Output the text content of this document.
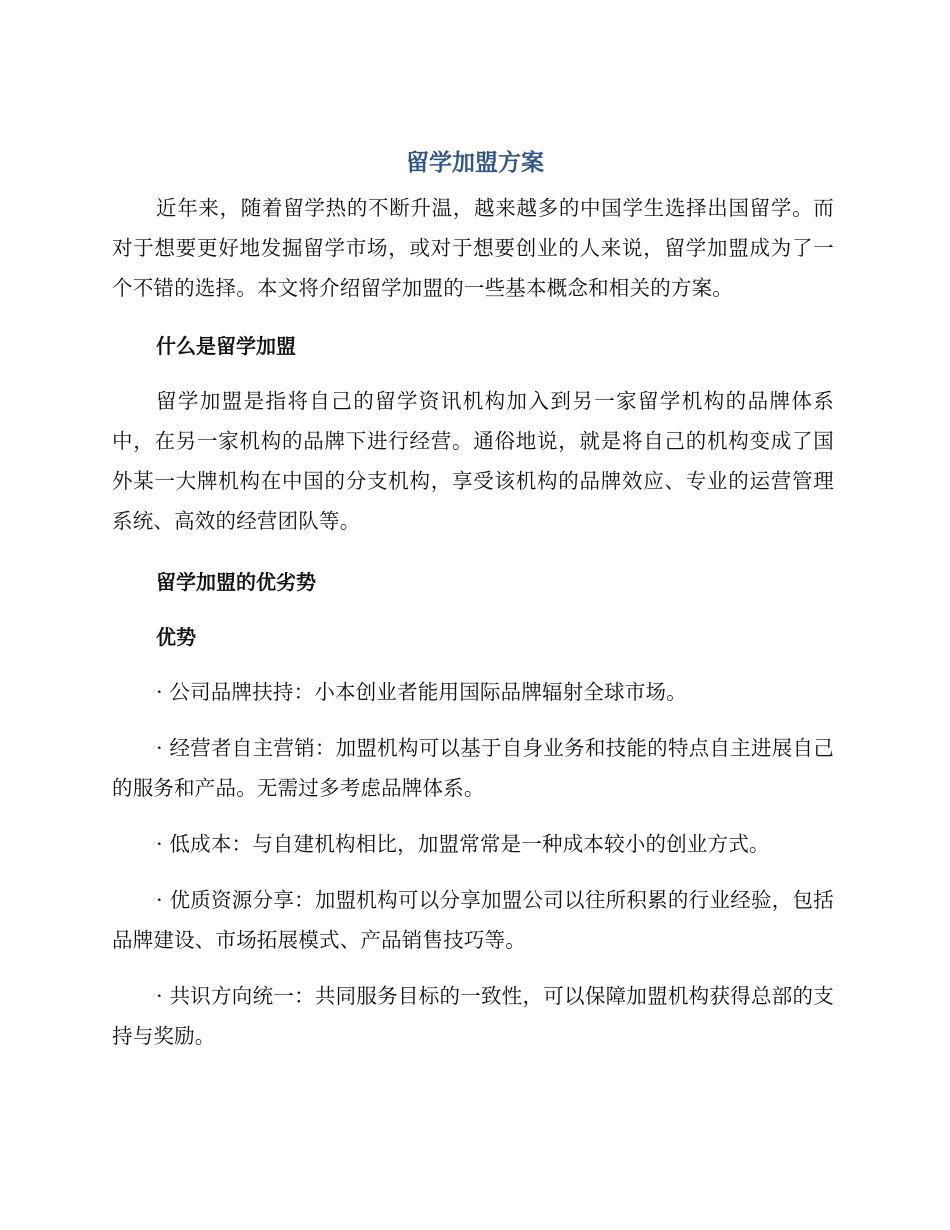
留学加盟方案

近年来，随着留学热的不断升温，越来越多的中国学生选择出国留学。而对于想要更好地发掘留学市场，或对于想要创业的人来说，留学加盟成为了一个不错的选择。本文将介绍留学加盟的一些基本概念和相关的方案。

什么是留学加盟

留学加盟是指将自己的留学资讯机构加入到另一家留学机构的品牌体系中，在另一家机构的品牌下进行经营。通俗地说，就是将自己的机构变成了国外某一大牌机构在中国的分支机构，享受该机构的品牌效应、专业的运营管理系统、高效的经营团队等。

留学加盟的优劣势
优势

· 公司品牌扶持：小本创业者能用国际品牌辐射全球市场。

· 经营者自主营销：加盟机构可以基于自身业务和技能的特点自主进展自己的服务和产品。无需过多考虑品牌体系。

· 低成本：与自建机构相比，加盟常常是一种成本较小的创业方式。

· 优质资源分享：加盟机构可以分享加盟公司以往所积累的行业经验，包括品牌建设、市场拓展模式、产品销售技巧等。

· 共识方向统一：共同服务目标的一致性，可以保障加盟机构获得总部的支持与奖励。
